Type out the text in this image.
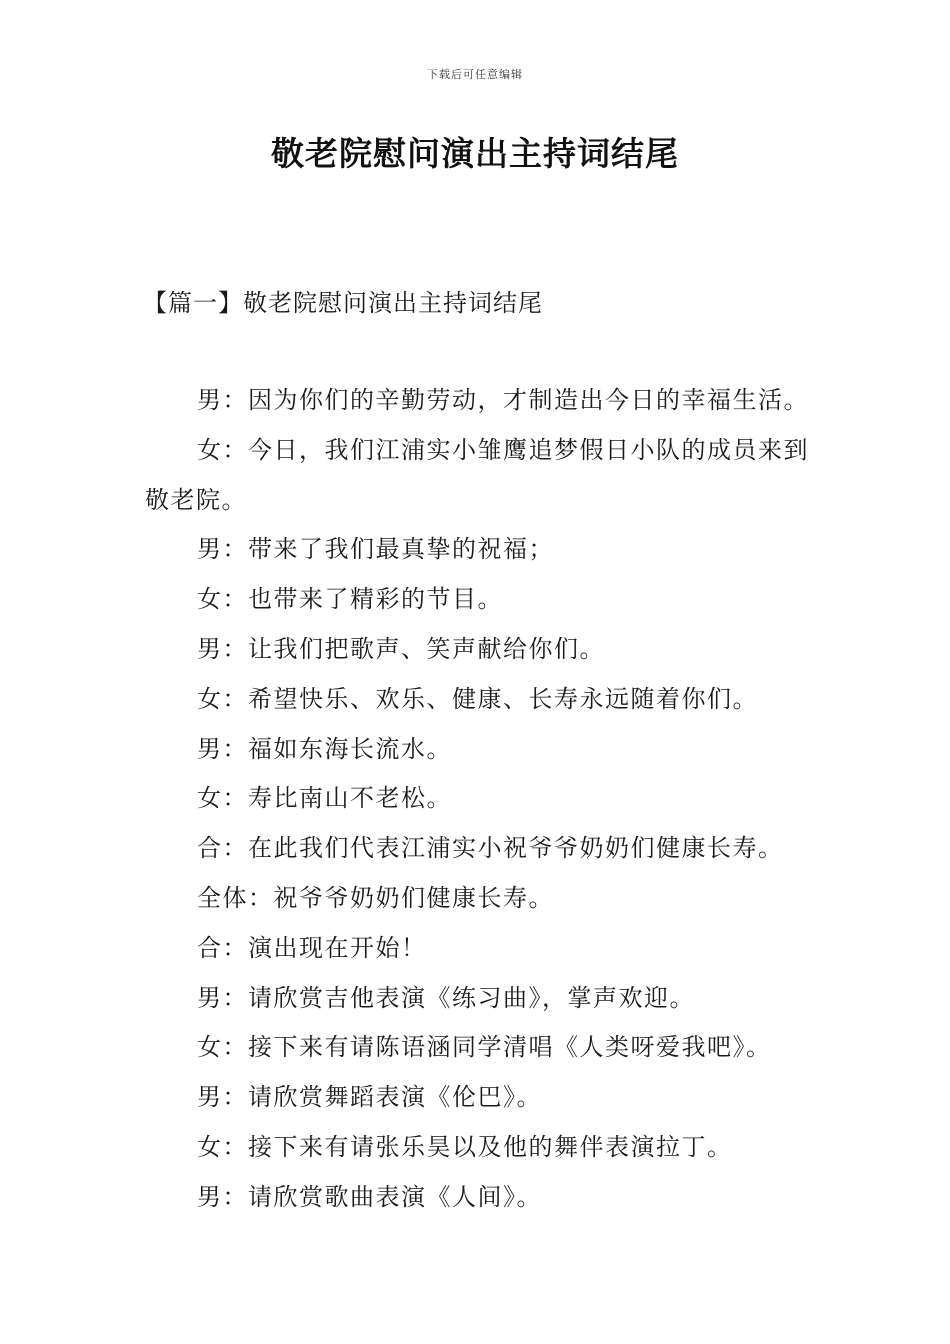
下载后可任意编辑
敬老院慰问演出主持词结尾
【篇一】敬老院慰问演出主持词结尾

男：因为你们的辛勤劳动，才制造出今日的幸福生活。

女：今日，我们江浦实小雏鹰追梦假日小队的成员来到敬老院。

男：带来了我们最真挚的祝福；

女：也带来了精彩的节目。

男：让我们把歌声、笑声献给你们。

女：希望快乐、欢乐、健康、长寿永远随着你们。

男：福如东海长流水。

女：寿比南山不老松。

合：在此我们代表江浦实小祝爷爷奶奶们健康长寿。

全体：祝爷爷奶奶们健康长寿。

合：演出现在开始！

男：请欣赏吉他表演《练习曲》，掌声欢迎。

女：接下来有请陈语涵同学清唱《人类呀爱我吧》。

男：请欣赏舞蹈表演《伦巴》。

女：接下来有请张乐昊以及他的舞伴表演拉丁。

男：请欣赏歌曲表演《人间》。
